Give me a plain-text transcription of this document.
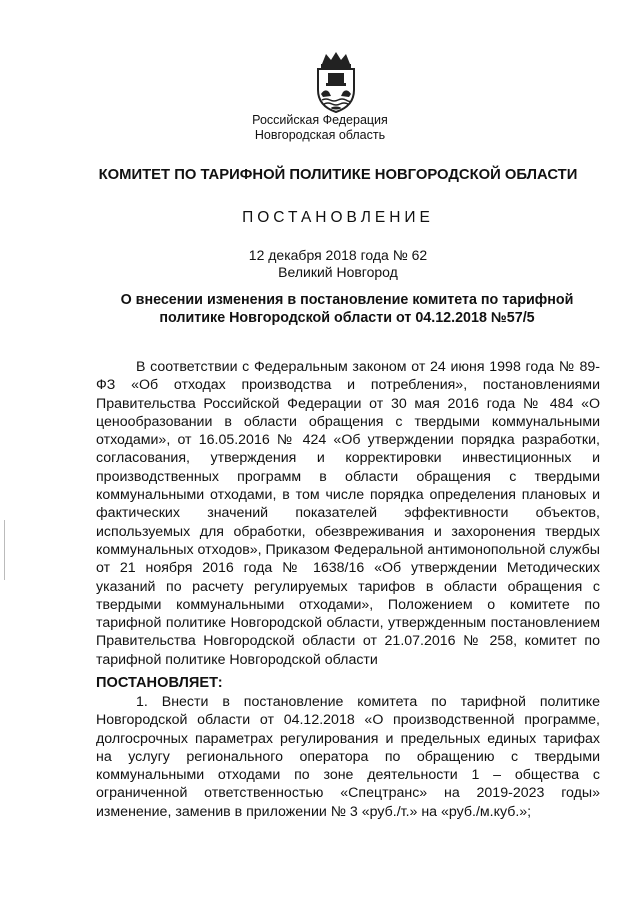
Российская Федерация
Новгородская область
КОМИТЕТ ПО ТАРИФНОЙ ПОЛИТИКЕ НОВГОРОДСКОЙ ОБЛАСТИ
ПОСТАНОВЛЕНИЕ
12 декабря 2018 года № 62
Великий Новгород
О внесении изменения в постановление комитета по тарифной политике Новгородской области от 04.12.2018 №57/5
В соответствии с Федеральным законом от 24 июня 1998 года № 89-ФЗ «Об отходах производства и потребления», постановлениями Правительства Российской Федерации от 30 мая 2016 года № 484 «О ценообразовании в области обращения с твердыми коммунальными отходами», от 16.05.2016 № 424 «Об утверждении порядка разработки, согласования, утверждения и корректировки инвестиционных и производственных программ в области обращения с твердыми коммунальными отходами, в том числе порядка определения плановых и фактических значений показателей эффективности объектов, используемых для обработки, обезвреживания и захоронения твердых коммунальных отходов», Приказом Федеральной антимонопольной службы от 21 ноября 2016 года № 1638/16 «Об утверждении Методических указаний по расчету регулируемых тарифов в области обращения с твердыми коммунальными отходами», Положением о комитете по тарифной политике Новгородской области, утвержденным постановлением Правительства Новгородской области от 21.07.2016 № 258, комитет по тарифной политике Новгородской области
ПОСТАНОВЛЯЕТ:
1. Внести в постановление комитета по тарифной политике Новгородской области от 04.12.2018 «О производственной программе, долгосрочных параметрах регулирования и предельных единых тарифах на услугу регионального оператора по обращению с твердыми коммунальными отходами по зоне деятельности 1 – общества с ограниченной ответственностью «Спецтранс» на 2019-2023 годы» изменение, заменив в приложении № 3 «руб./т.» на «руб./м.куб.»;
